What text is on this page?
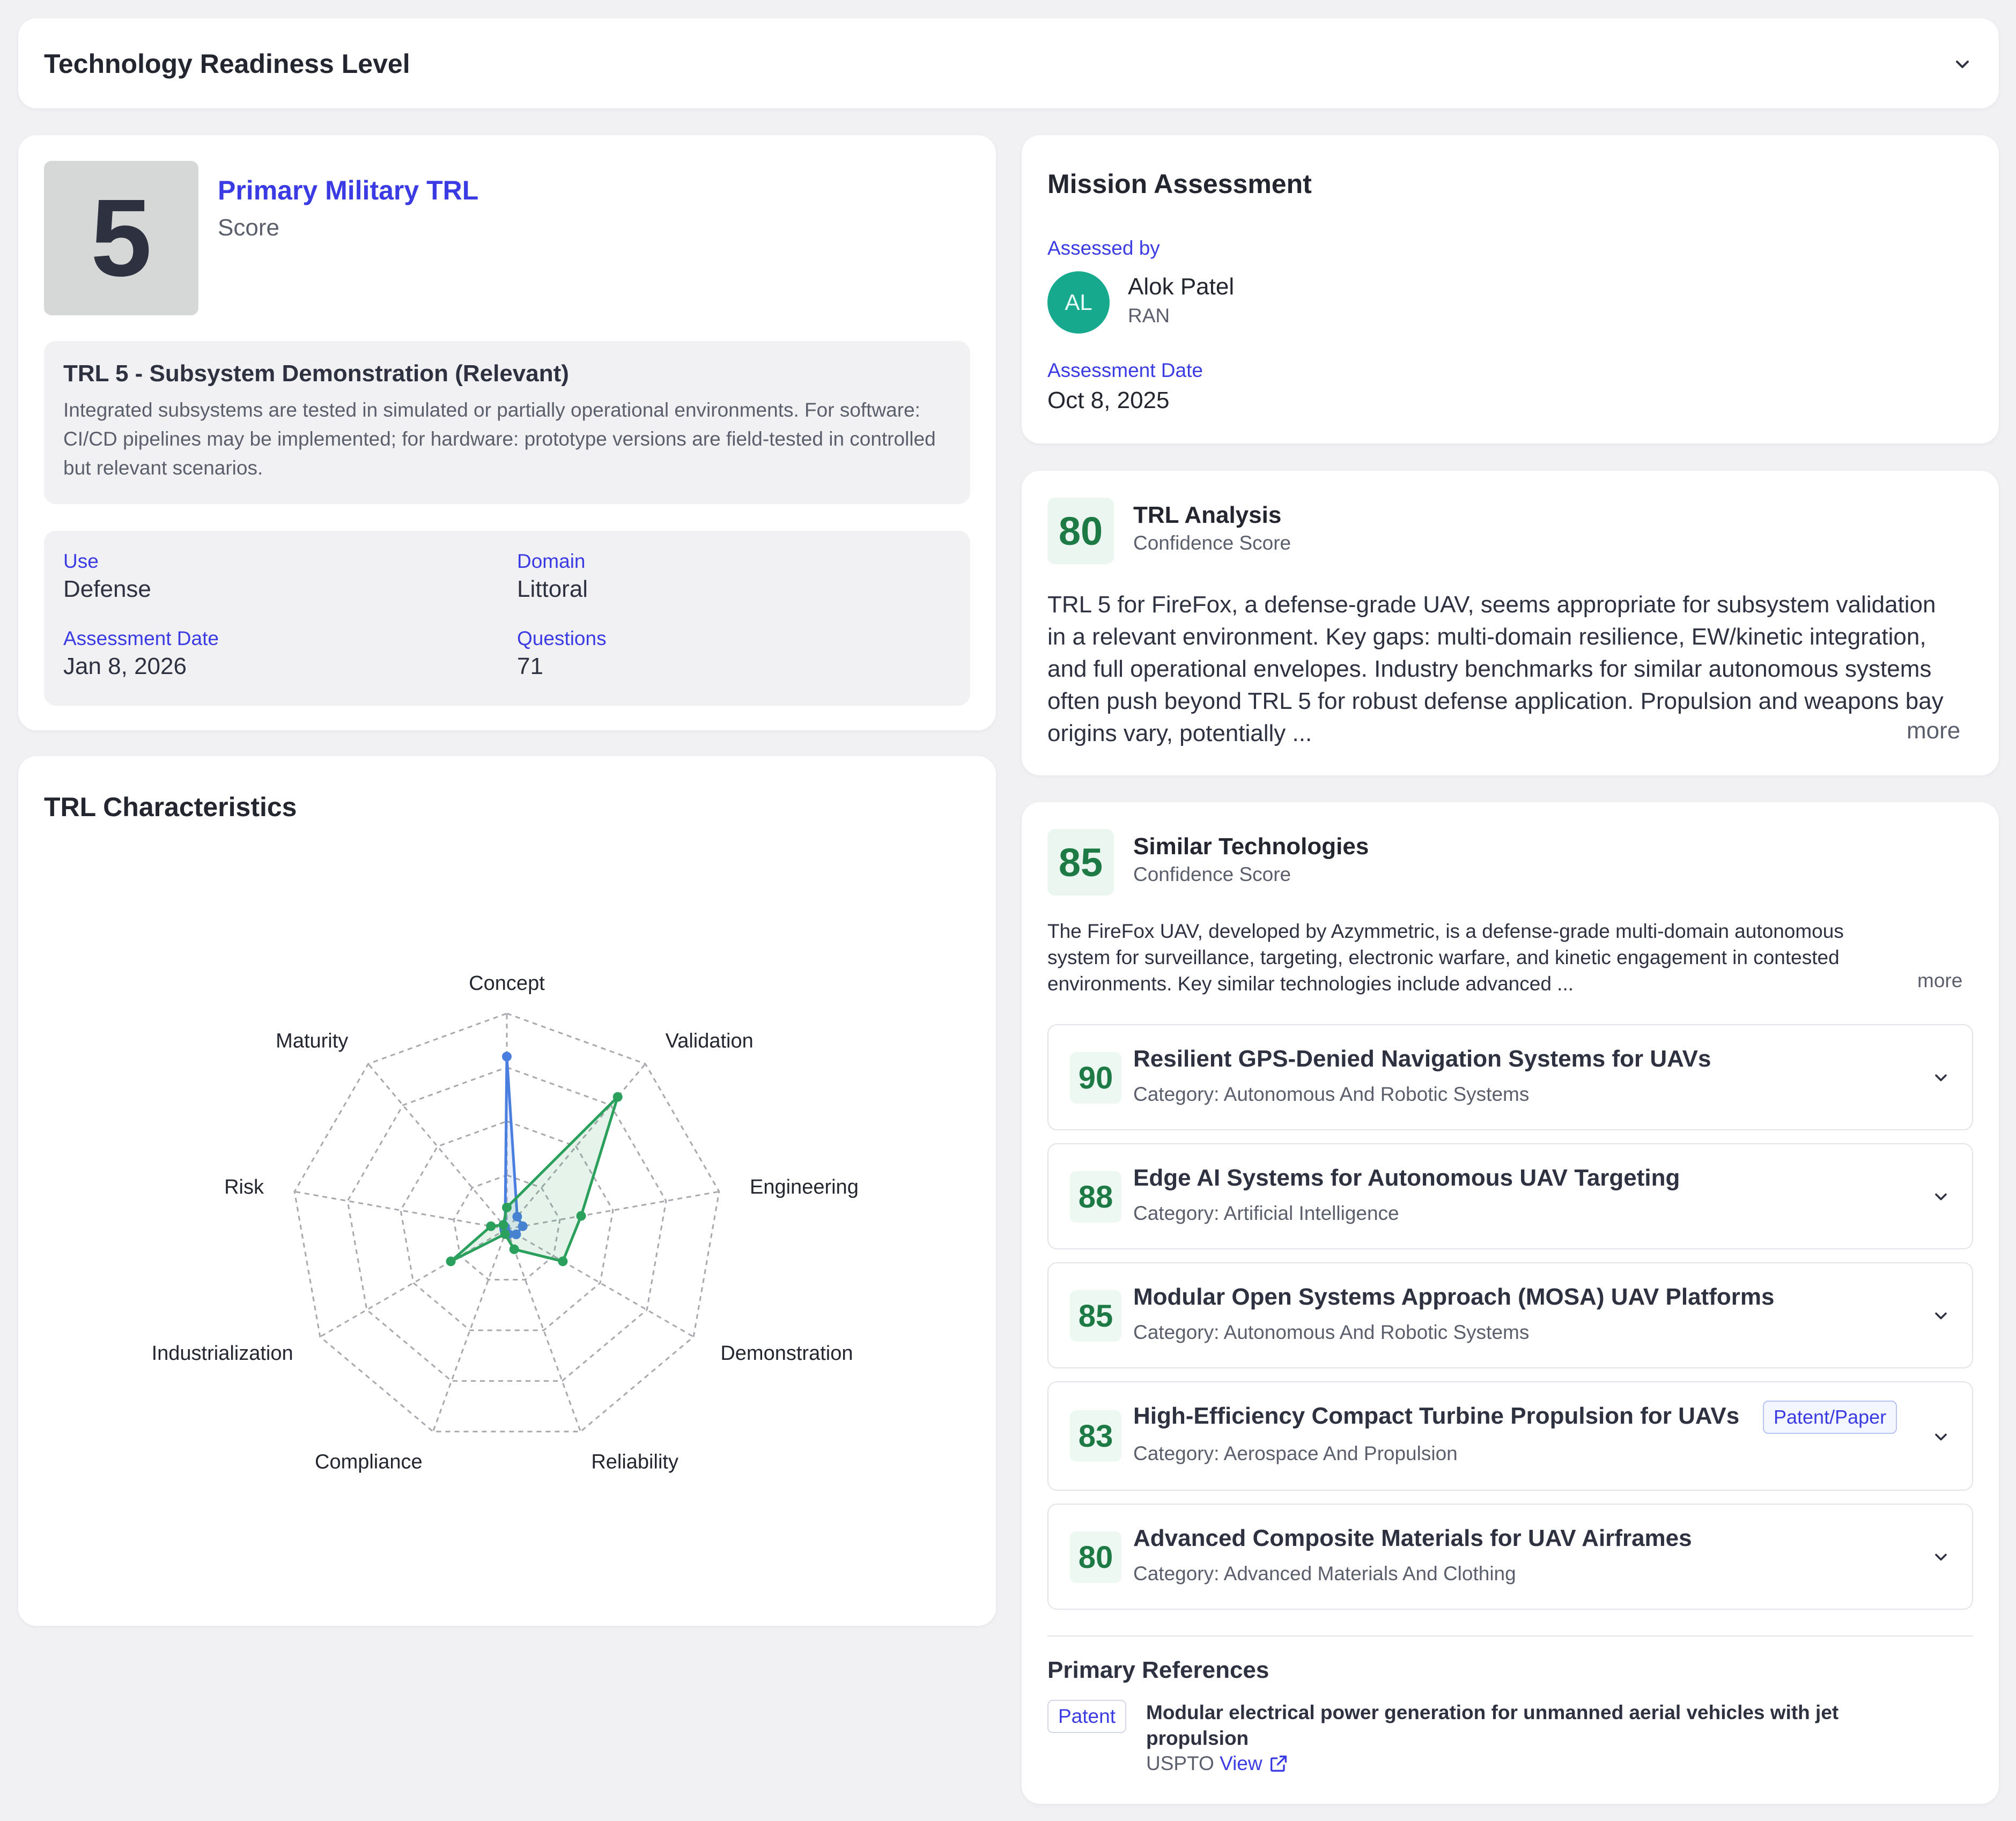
Technology Readiness Level
5	Primary Military TRL
Score
TRL 5 - Subsystem Demonstration (Relevant)
Integrated subsystems are tested in simulated or partially operational environments. For software: CI/CD pipelines may be implemented; for hardware: prototype versions are field-tested in controlled but relevant scenarios.
Use
Defense
Domain
Littoral
Assessment Date
Jan 8, 2026
Questions
71
TRL Characteristics
Concept
Validation
Engineering
Demonstration
Reliability
Compliance
Industrialization
Risk
Maturity
Mission Assessment
Assessed by
AL
Alok Patel
RAN
Assessment Date
Oct 8, 2025
80	TRL Analysis
Confidence Score
TRL 5 for FireFox, a defense-grade UAV, seems appropriate for subsystem validation in a relevant environment. Key gaps: multi-domain resilience, EW/kinetic integration, and full operational envelopes. Industry benchmarks for similar autonomous systems often push beyond TRL 5 for robust defense application. Propulsion and weapons bay origins vary, potentially ...	more
85	Similar Technologies
Confidence Score
The FireFox UAV, developed by Azymmetric, is a defense-grade multi-domain autonomous system for surveillance, targeting, electronic warfare, and kinetic engagement in contested environments. Key similar technologies include advanced ...	more
90
Resilient GPS-Denied Navigation Systems for UAVs
Category: Autonomous And Robotic Systems
88
Edge AI Systems for Autonomous UAV Targeting
Category: Artificial Intelligence
85
Modular Open Systems Approach (MOSA) UAV Platforms
Category: Autonomous And Robotic Systems
83
High-Efficiency Compact Turbine Propulsion for UAVs	Patent/Paper
Category: Aerospace And Propulsion
80
Advanced Composite Materials for UAV Airframes
Category: Advanced Materials And Clothing
Primary References
Patent	Modular electrical power generation for unmanned aerial vehicles with jet propulsion
USPTO View
